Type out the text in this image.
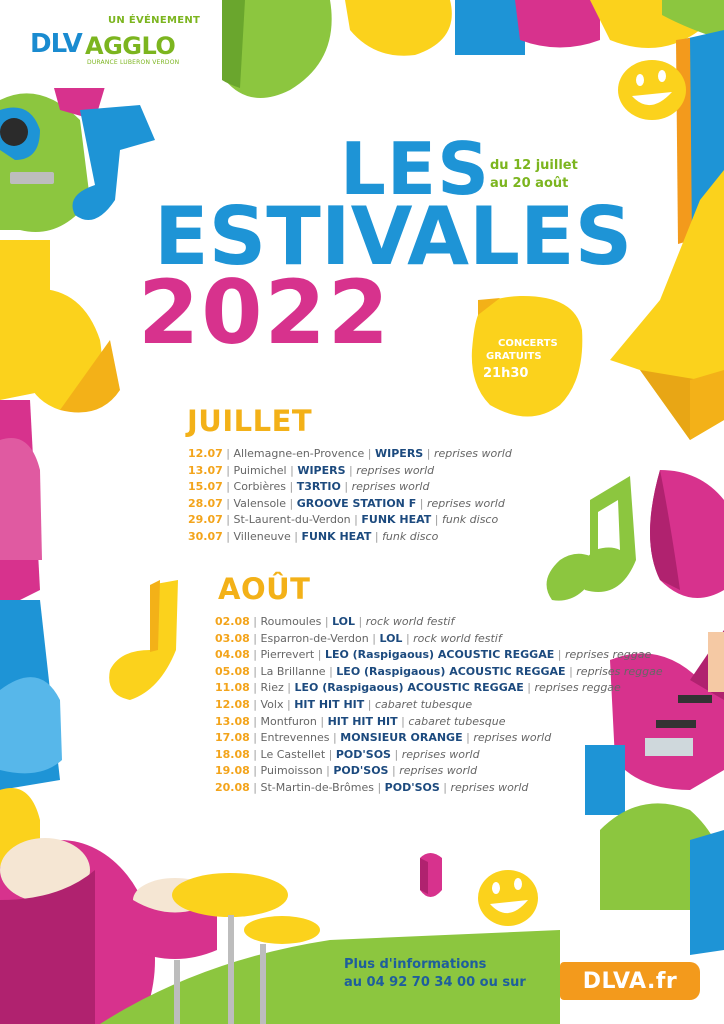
UN ÉVÉNEMENT
DLV AGGLO
DURANCE LUBERON VERDON
LES
ESTIVALES
2022
du 12 juillet
au 20 août
CONCERTS
GRATUITS
21h30
JUILLET
12.07 | Allemagne-en-Provence | WIPERS | reprises world
13.07 | Puimichel | WIPERS | reprises world
15.07 | Corbières | T3RTIO | reprises world
28.07 | Valensole | GROOVE STATION F | reprises world
29.07 | St-Laurent-du-Verdon | FUNK HEAT | funk disco
30.07 | Villeneuve | FUNK HEAT | funk disco
AOÛT
02.08 | Roumoules | LOL | rock world festif
03.08 | Esparron-de-Verdon | LOL | rock world festif
04.08 | Pierrevert | LEO (Raspigaous) ACOUSTIC REGGAE | reprises reggae
05.08 | La Brillanne | LEO (Raspigaous) ACOUSTIC REGGAE | reprises reggae
11.08 | Riez | LEO (Raspigaous) ACOUSTIC REGGAE | reprises reggae
12.08 | Volx | HIT HIT HIT | cabaret tubesque
13.08 | Montfuron | HIT HIT HIT | cabaret tubesque
17.08 | Entrevennes | MONSIEUR ORANGE | reprises world
18.08 | Le Castellet | POD'SOS | reprises world
19.08 | Puimoisson | POD'SOS | reprises world
20.08 | St-Martin-de-Brômes | POD'SOS | reprises world
Plus d'informations
au 04 92 70 34 00 ou sur	DLVA.fr
